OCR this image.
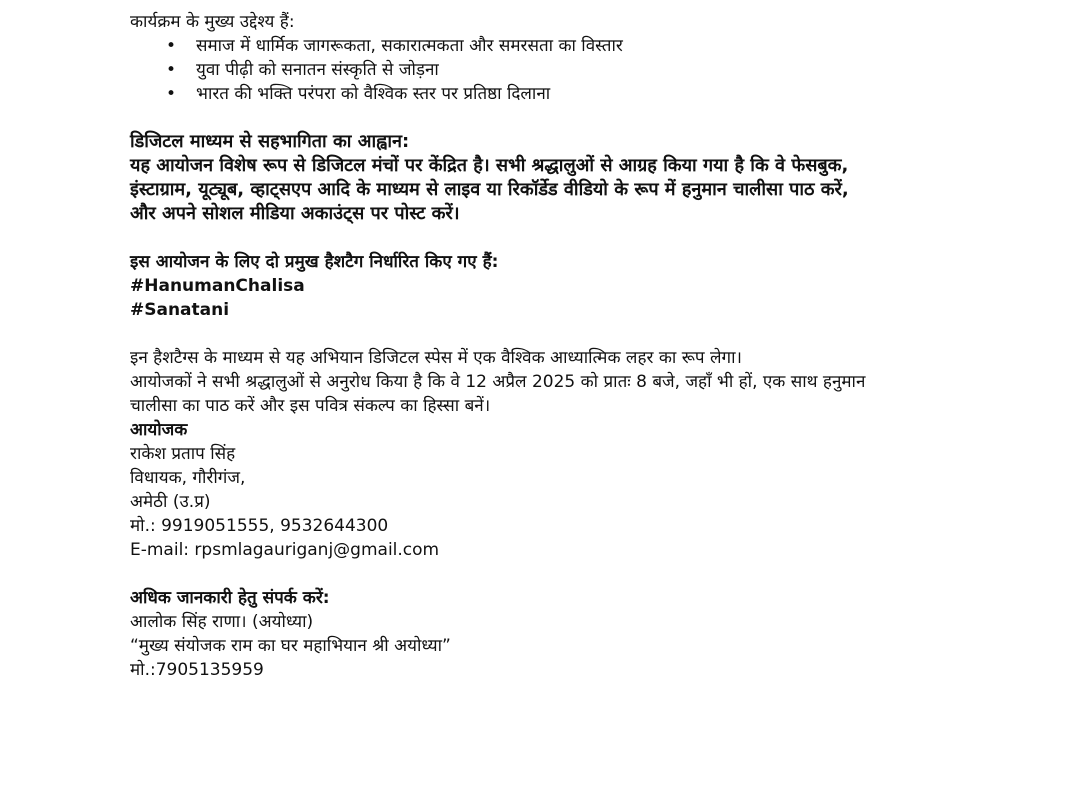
कार्यक्रम के मुख्य उद्देश्य हैं:
• समाज में धार्मिक जागरूकता, सकारात्मकता और समरसता का विस्तार
• युवा पीढ़ी को सनातन संस्कृति से जोड़ना
• भारत की भक्ति परंपरा को वैश्विक स्तर पर प्रतिष्ठा दिलाना
डिजिटल माध्यम से सहभागिता का आह्वान:
यह आयोजन विशेष रूप से डिजिटल मंचों पर केंद्रित है। सभी श्रद्धालुओं से आग्रह किया गया है कि वे फेसबुक,
इंस्टाग्राम, यूट्यूब, व्हाट्सएप आदि के माध्यम से लाइव या रिकॉर्डेड वीडियो के रूप में हनुमान चालीसा पाठ करें,
और अपने सोशल मीडिया अकाउंट्स पर पोस्ट करें।
इस आयोजन के लिए दो प्रमुख हैशटैग निर्धारित किए गए हैं:
#HanumanChalisa
#Sanatani
इन हैशटैग्स के माध्यम से यह अभियान डिजिटल स्पेस में एक वैश्विक आध्यात्मिक लहर का रूप लेगा।
आयोजकों ने सभी श्रद्धालुओं से अनुरोध किया है कि वे 12 अप्रैल 2025 को प्रातः 8 बजे, जहाँ भी हों, एक साथ हनुमान
चालीसा का पाठ करें और इस पवित्र संकल्प का हिस्सा बनें।
आयोजक
राकेश प्रताप सिंह
विधायक, गौरीगंज,
अमेठी (उ.प्र)
मो.: 9919051555, 9532644300
E-mail: rpsmlagauriganj@gmail.com
अधिक जानकारी हेतु संपर्क करें:
आलोक सिंह राणा। (अयोध्या)
“मुख्य संयोजक राम का घर महाभियान श्री अयोध्या”
मो.:7905135959
